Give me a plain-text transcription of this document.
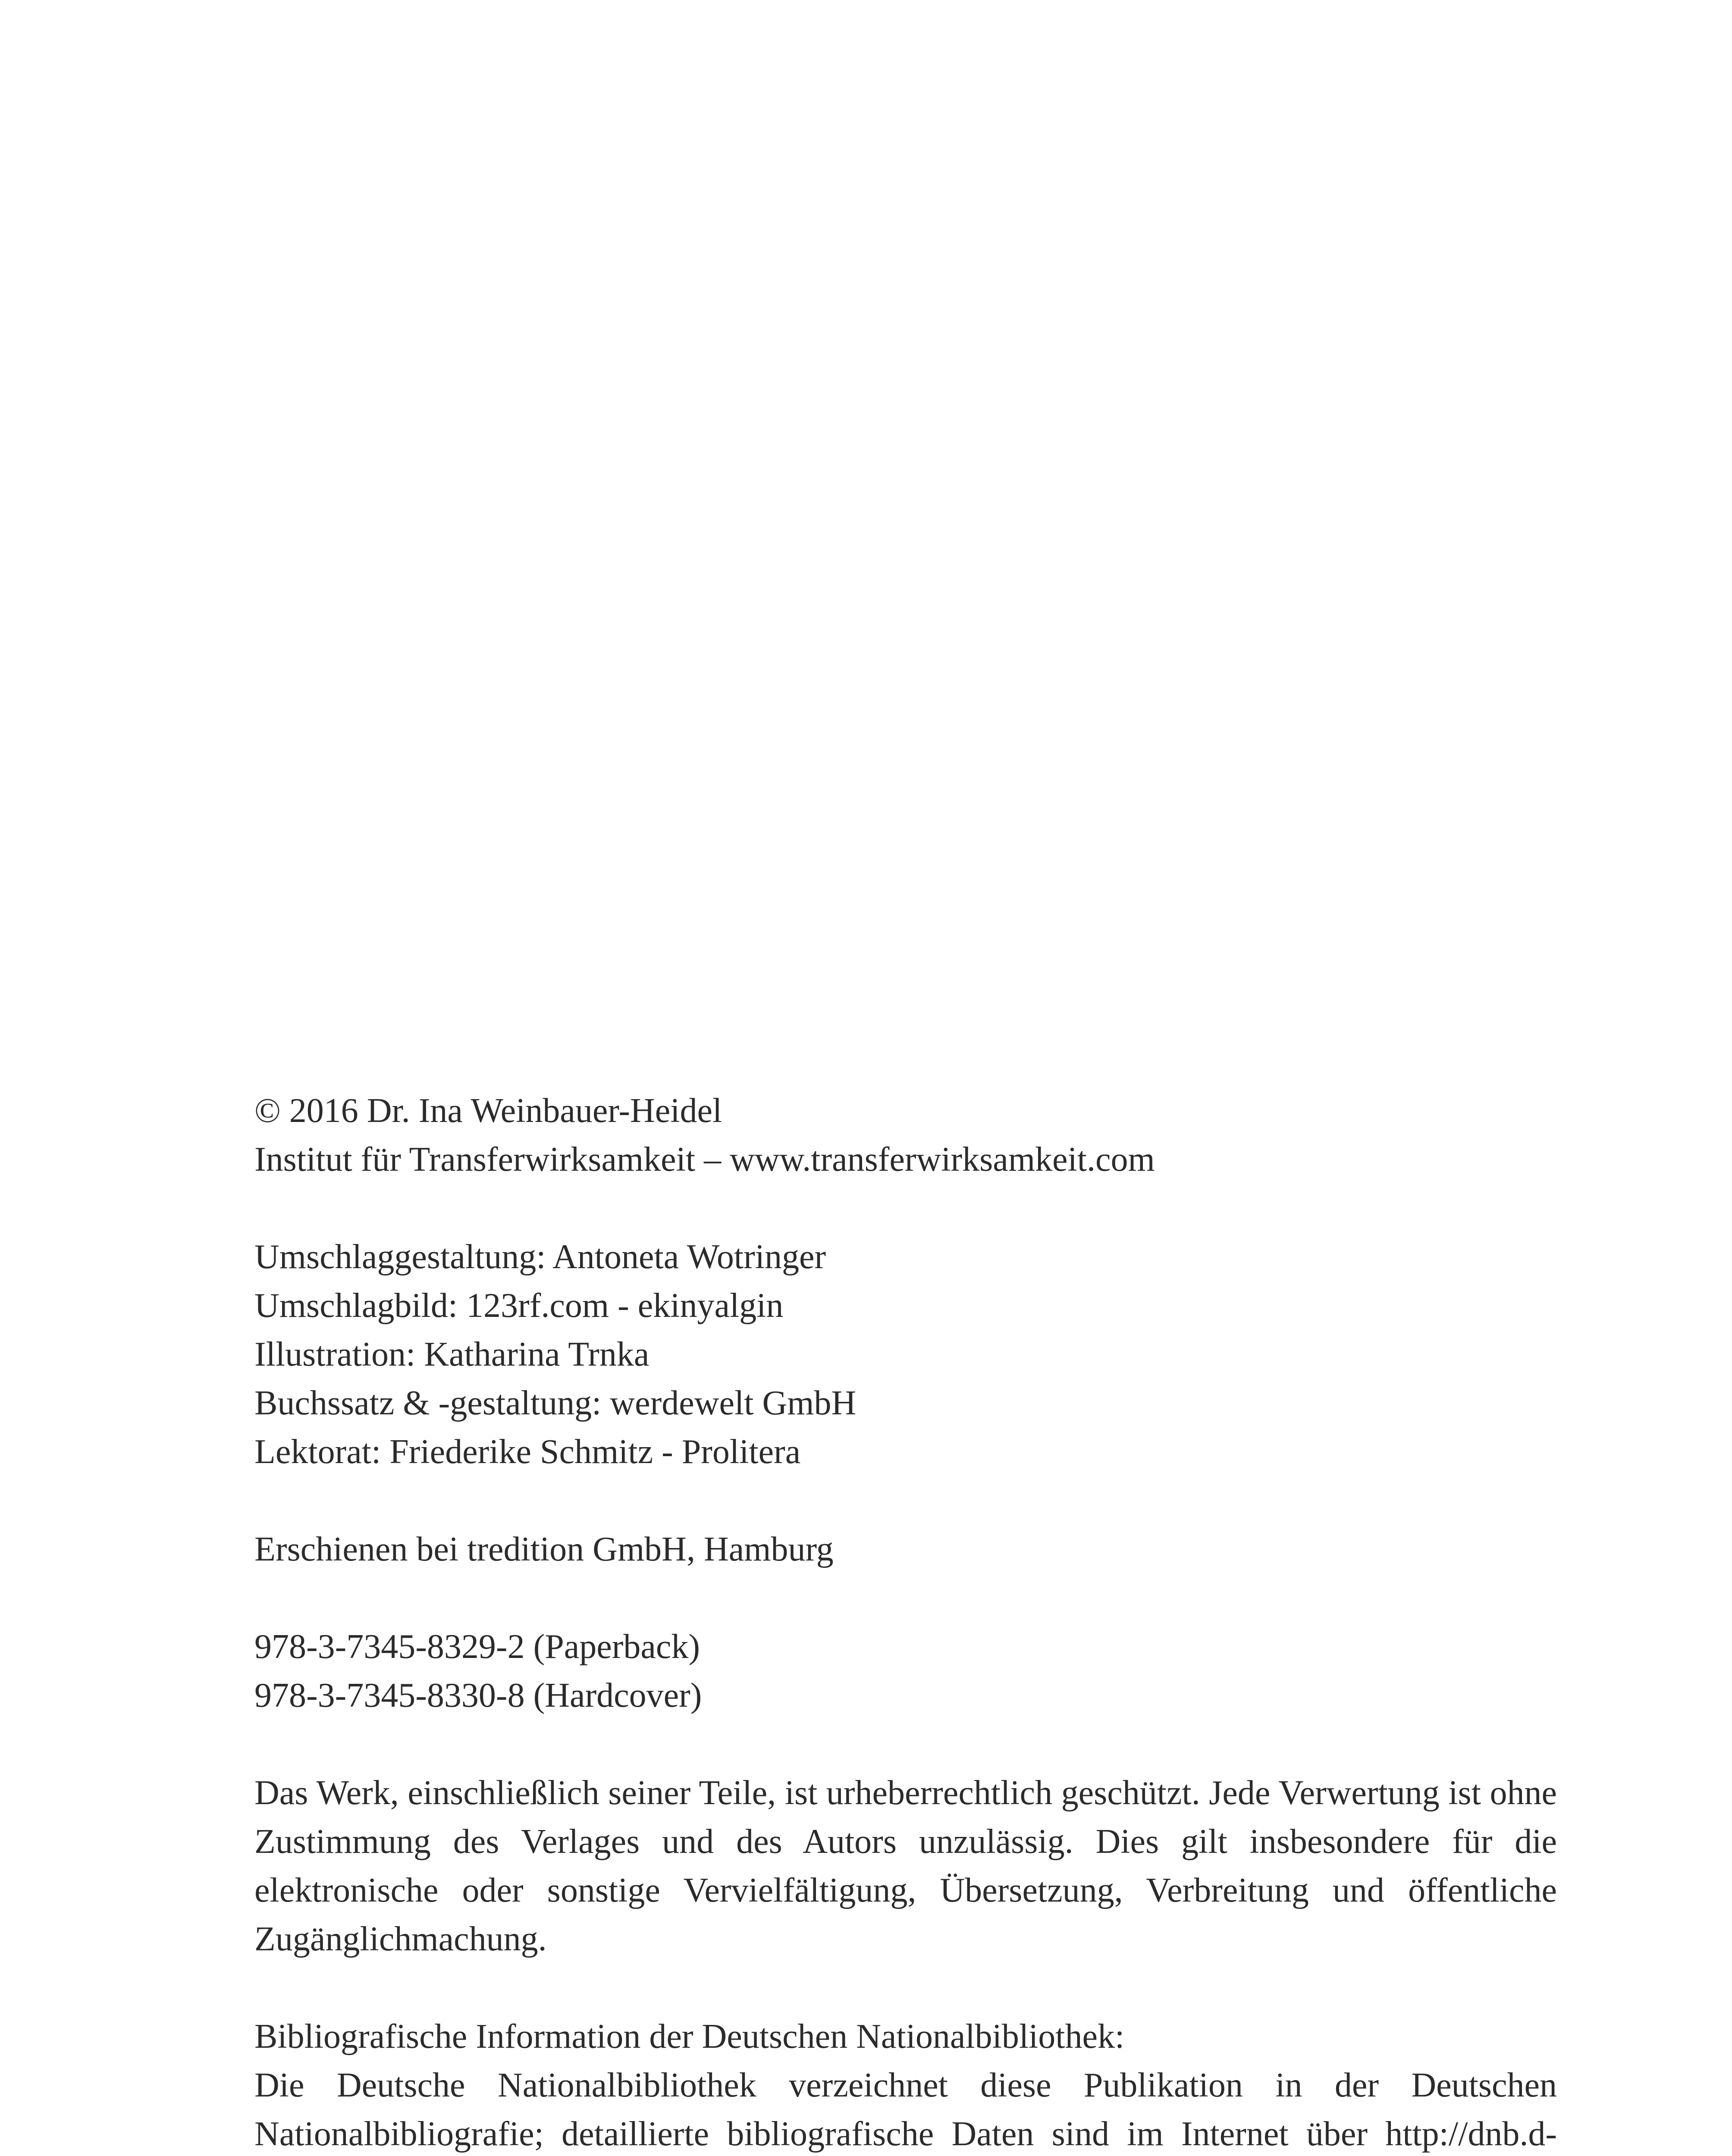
© 2016 Dr. Ina Weinbauer-Heidel
Institut für Transferwirksamkeit – www.transferwirksamkeit.com
Umschlaggestaltung: Antoneta Wotringer
Umschlagbild: 123rf.com - ekinyalgin
Illustration: Katharina Trnka
Buchssatz & -gestaltung: werdewelt GmbH
Lektorat: Friederike Schmitz - Prolitera
Erschienen bei tredition GmbH, Hamburg
978-3-7345-8329-2 (Paperback)
978-3-7345-8330-8 (Hardcover)
Das Werk, einschließlich seiner Teile, ist urheberrechtlich geschützt. Jede Verwertung ist ohne Zustimmung des Verlages und des Autors unzulässig. Dies gilt insbesondere für die elektronische oder sonstige Vervielfältigung, Übersetzung, Verbreitung und öffentliche Zugänglichmachung.
Bibliografische Information der Deutschen Nationalbibliothek:
Die Deutsche Nationalbibliothek verzeichnet diese Publikation in der Deutschen Nationalbibliografie; detaillierte bibliografische Daten sind im Internet über http://dnb.d-
